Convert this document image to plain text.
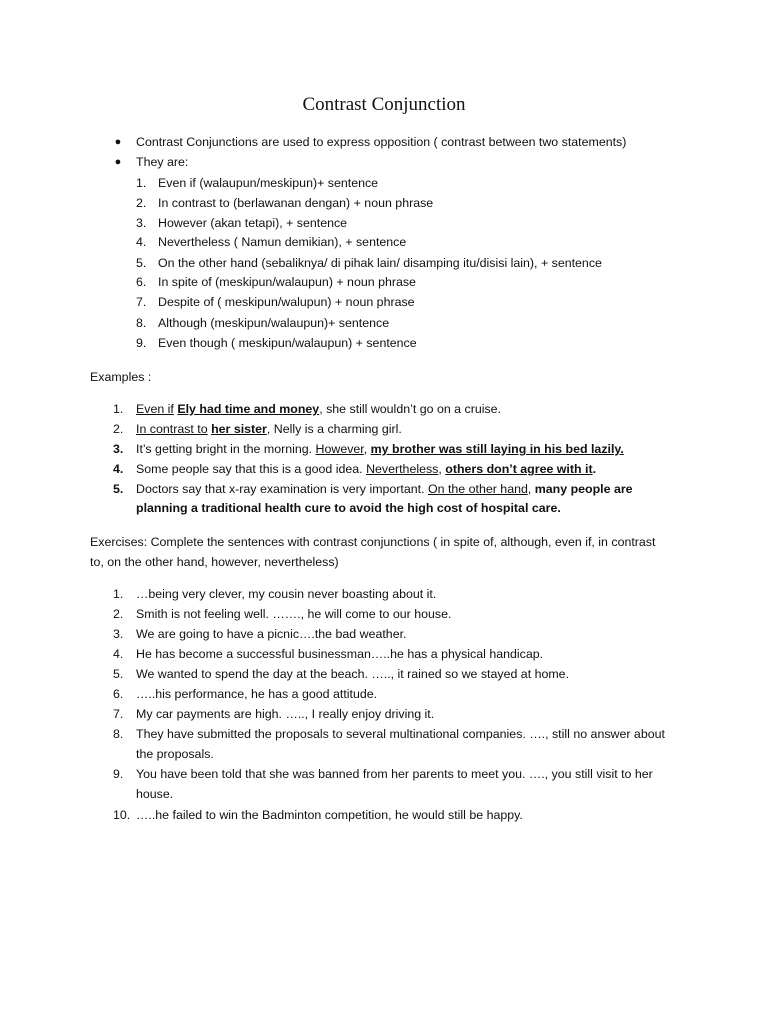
Contrast Conjunction
● Contrast Conjunctions are used to express opposition ( contrast between two statements)
● They are:
1. Even if (walaupun/meskipun)+ sentence
2. In contrast to (berlawanan dengan) + noun phrase
3. However (akan tetapi), + sentence
4. Nevertheless ( Namun demikian), + sentence
5. On the other hand (sebaliknya/ di pihak lain/ disamping itu/disisi lain), + sentence
6. In spite of (meskipun/walaupun) + noun phrase
7. Despite of ( meskipun/walupun) + noun phrase
8. Although (meskipun/walaupun)+ sentence
9. Even though ( meskipun/walaupun) + sentence
Examples :
1. Even if Ely had time and money, she still wouldn’t go on a cruise.
2. In contrast to her sister, Nelly is a charming girl.
3. It’s getting bright in the morning. However, my brother was still laying in his bed lazily.
4. Some people say that this is a good idea. Nevertheless, others don’t agree with it.
5. Doctors say that x-ray examination is very important. On the other hand, many people are
planning a traditional health cure to avoid the high cost of hospital care.
Exercises: Complete the sentences with contrast conjunctions ( in spite of, although, even if, in contrast
to, on the other hand, however, nevertheless)
1. …being very clever, my cousin never boasting about it.
2. Smith is not feeling well. ……., he will come to our house.
3. We are going to have a picnic….the bad weather.
4. He has become a successful businessman…..he has a physical handicap.
5. We wanted to spend the day at the beach. ….., it rained so we stayed at home.
6. …..his performance, he has a good attitude.
7. My car payments are high. ….., I really enjoy driving it.
8. They have submitted the proposals to several multinational companies. …., still no answer about
the proposals.
9. You have been told that she was banned from her parents to meet you. …., you still visit to her
house.
10. …..he failed to win the Badminton competition, he would still be happy.
